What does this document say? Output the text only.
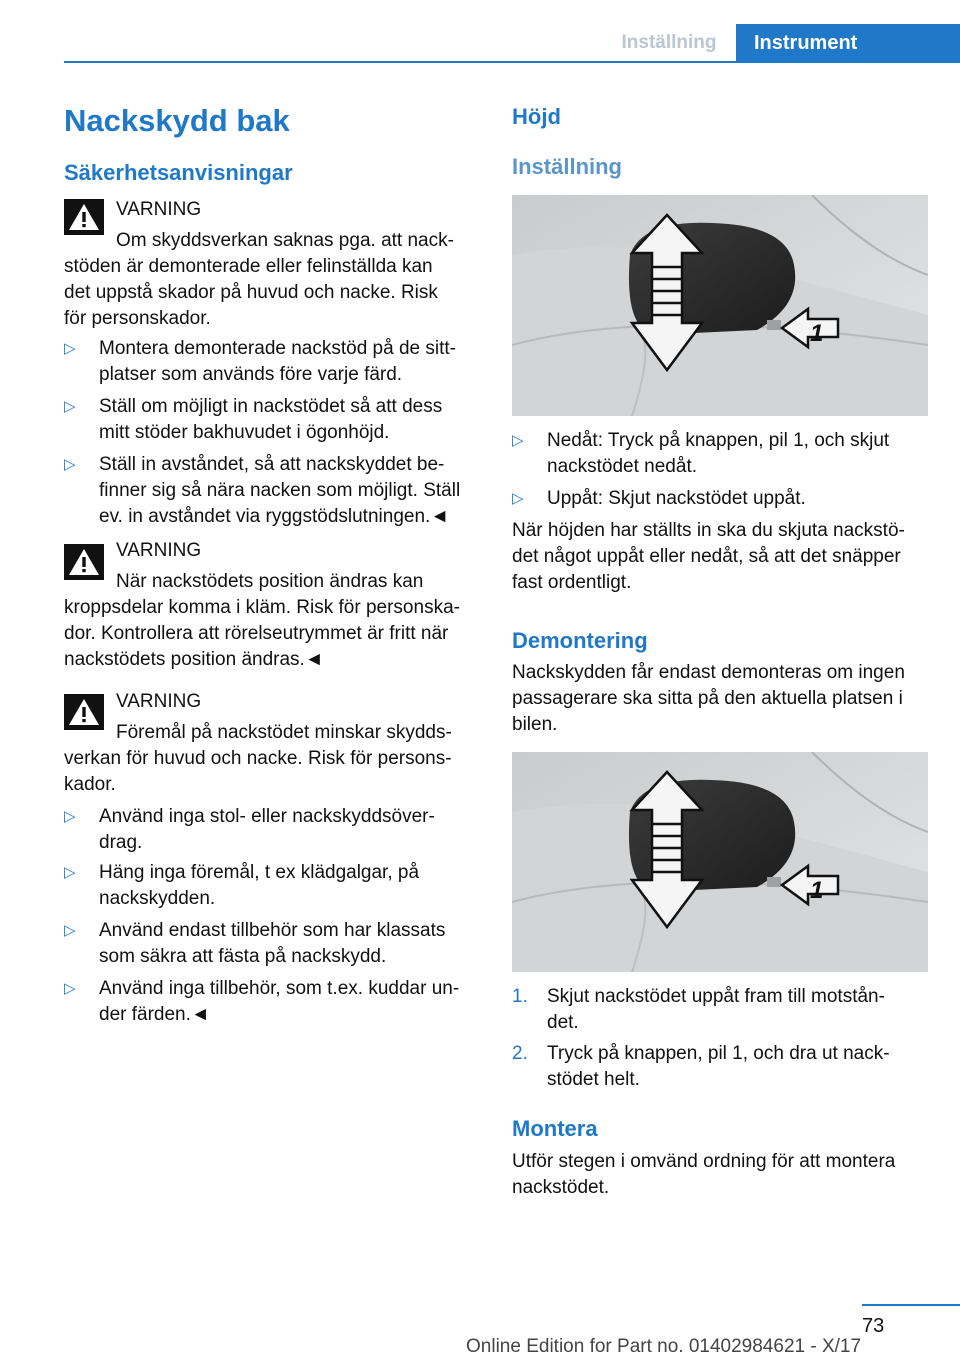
Inställning	Instrument
Nackskydd bak
Säkerhetsanvisningar
VARNING
Om skyddsverkan saknas pga. att nack-
stöden är demonterade eller felinställda kan
det uppstå skador på huvud och nacke. Risk
för personskador.
▷ Montera demonterade nackstöd på de sitt-
platser som används före varje färd.
▷ Ställ om möjligt in nackstödet så att dess
mitt stöder bakhuvudet i ögonhöjd.
▷ Ställ in avståndet, så att nackskyddet be-
finner sig så nära nacken som möjligt. Ställ
ev. in avståndet via ryggstödslutningen.◄
VARNING
När nackstödets position ändras kan
kroppsdelar komma i kläm. Risk för personska-
dor. Kontrollera att rörelseutrymmet är fritt när
nackstödets position ändras.◄
VARNING
Föremål på nackstödet minskar skydds-
verkan för huvud och nacke. Risk för persons-
kador.
▷ Använd inga stol- eller nackskyddsöver-
drag.
▷ Häng inga föremål, t ex klädgalgar, på
nackskydden.
▷ Använd endast tillbehör som har klassats
som säkra att fästa på nackskydd.
▷ Använd inga tillbehör, som t.ex. kuddar un-
der färden.◄
Höjd
Inställning
1
▷ Nedåt: Tryck på knappen, pil 1, och skjut
nackstödet nedåt.
▷ Uppåt: Skjut nackstödet uppåt.
När höjden har ställts in ska du skjuta nackstö-
det något uppåt eller nedåt, så att det snäpper
fast ordentligt.
Demontering
Nackskydden får endast demonteras om ingen
passagerare ska sitta på den aktuella platsen i
bilen.
1
1. Skjut nackstödet uppåt fram till motstån-
det.
2. Tryck på knappen, pil 1, och dra ut nack-
stödet helt.
Montera
Utför stegen i omvänd ordning för att montera
nackstödet.
73
Online Edition for Part no. 01402984621 - X/17
